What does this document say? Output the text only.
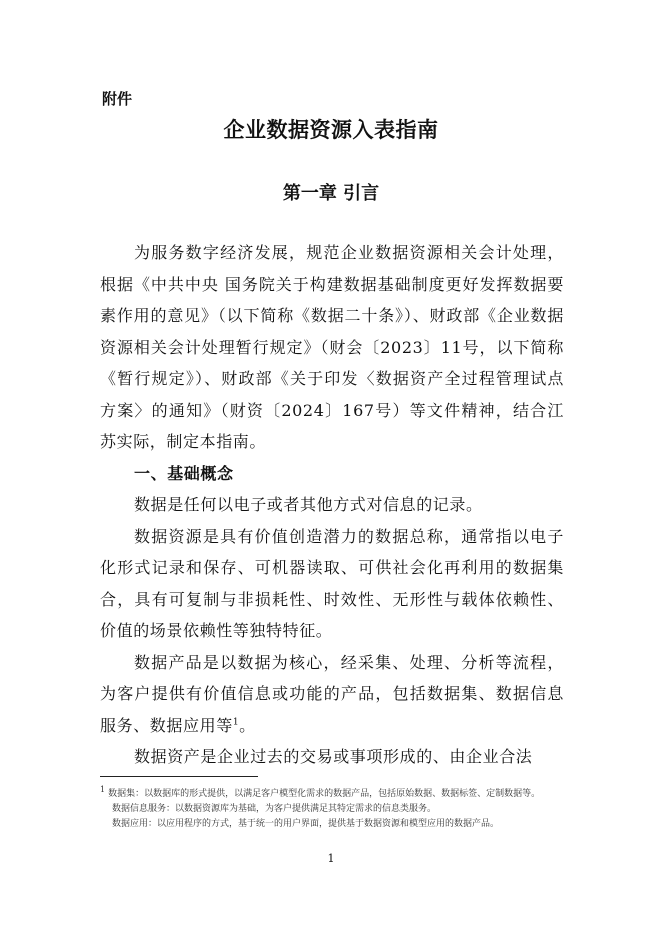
附件
企业数据资源入表指南
第一章 引言

为服务数字经济发展，规范企业数据资源相关会计处理，根据《中共中央 国务院关于构建数据基础制度更好发挥数据要素作用的意见》（以下简称《数据二十条》）、财政部《企业数据资源相关会计处理暂行规定》（财会〔2023〕11号，以下简称《暂行规定》）、财政部《关于印发〈数据资产全过程管理试点方案〉的通知》（财资〔2024〕167号）等文件精神，结合江苏实际，制定本指南。

一、基础概念

数据是任何以电子或者其他方式对信息的记录。

数据资源是具有价值创造潜力的数据总称，通常指以电子化形式记录和保存、可机器读取、可供社会化再利用的数据集合，具有可复制与非损耗性、时效性、无形性与载体依赖性、价值的场景依赖性等独特特征。

数据产品是以数据为核心，经采集、处理、分析等流程，为客户提供有价值信息或功能的产品，包括数据集、数据信息服务、数据应用等$^1$。

数据资产是企业过去的交易或事项形成的、由企业合法

1 数据集：以数据库的形式提供，以满足客户模型化需求的数据产品，包括原始数据、数据标签、定制数据等。

数据信息服务：以数据资源库为基础，为客户提供满足其特定需求的信息类服务。

数据应用：以应用程序的方式，基于统一的用户界面，提供基于数据资源和模型应用的数据产品。

1
